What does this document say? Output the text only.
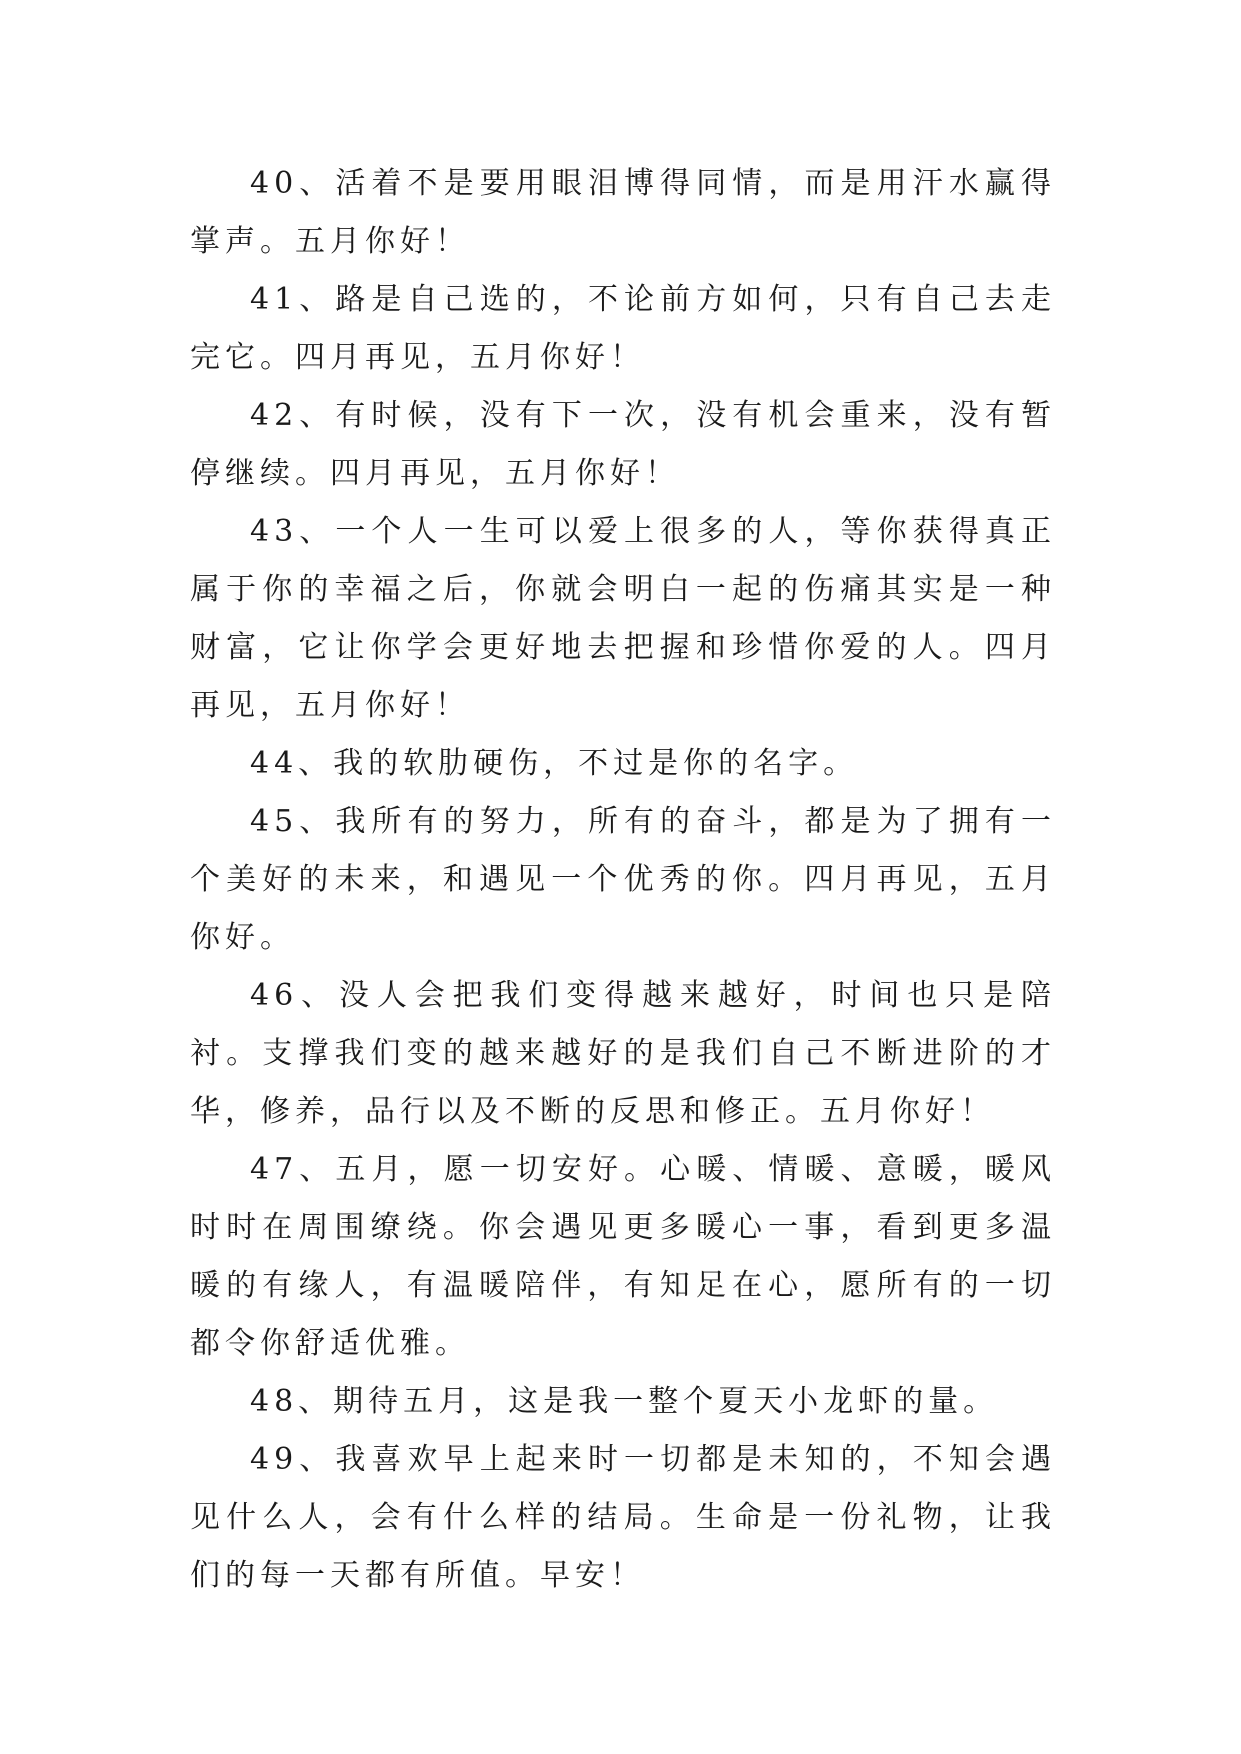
40、活着不是要用眼泪博得同情，而是用汗水赢得掌声。五月你好！

41、路是自己选的，不论前方如何，只有自己去走完它。四月再见，五月你好！

42、有时候，没有下一次，没有机会重来，没有暂停继续。四月再见，五月你好！

43、一个人一生可以爱上很多的人，等你获得真正属于你的幸福之后，你就会明白一起的伤痛其实是一种财富，它让你学会更好地去把握和珍惜你爱的人。四月再见，五月你好！

44、我的软肋硬伤，不过是你的名字。

45、我所有的努力，所有的奋斗，都是为了拥有一个美好的未来，和遇见一个优秀的你。四月再见，五月你好。

46、没人会把我们变得越来越好，时间也只是陪衬。支撑我们变的越来越好的是我们自己不断进阶的才华，修养，品行以及不断的反思和修正。五月你好！

47、五月，愿一切安好。心暖、情暖、意暖，暖风时时在周围缭绕。你会遇见更多暖心一事，看到更多温暖的有缘人，有温暖陪伴，有知足在心，愿所有的一切都令你舒适优雅。

48、期待五月，这是我一整个夏天小龙虾的量。

49、我喜欢早上起来时一切都是未知的，不知会遇见什么人，会有什么样的结局。生命是一份礼物，让我们的每一天都有所值。早安！
